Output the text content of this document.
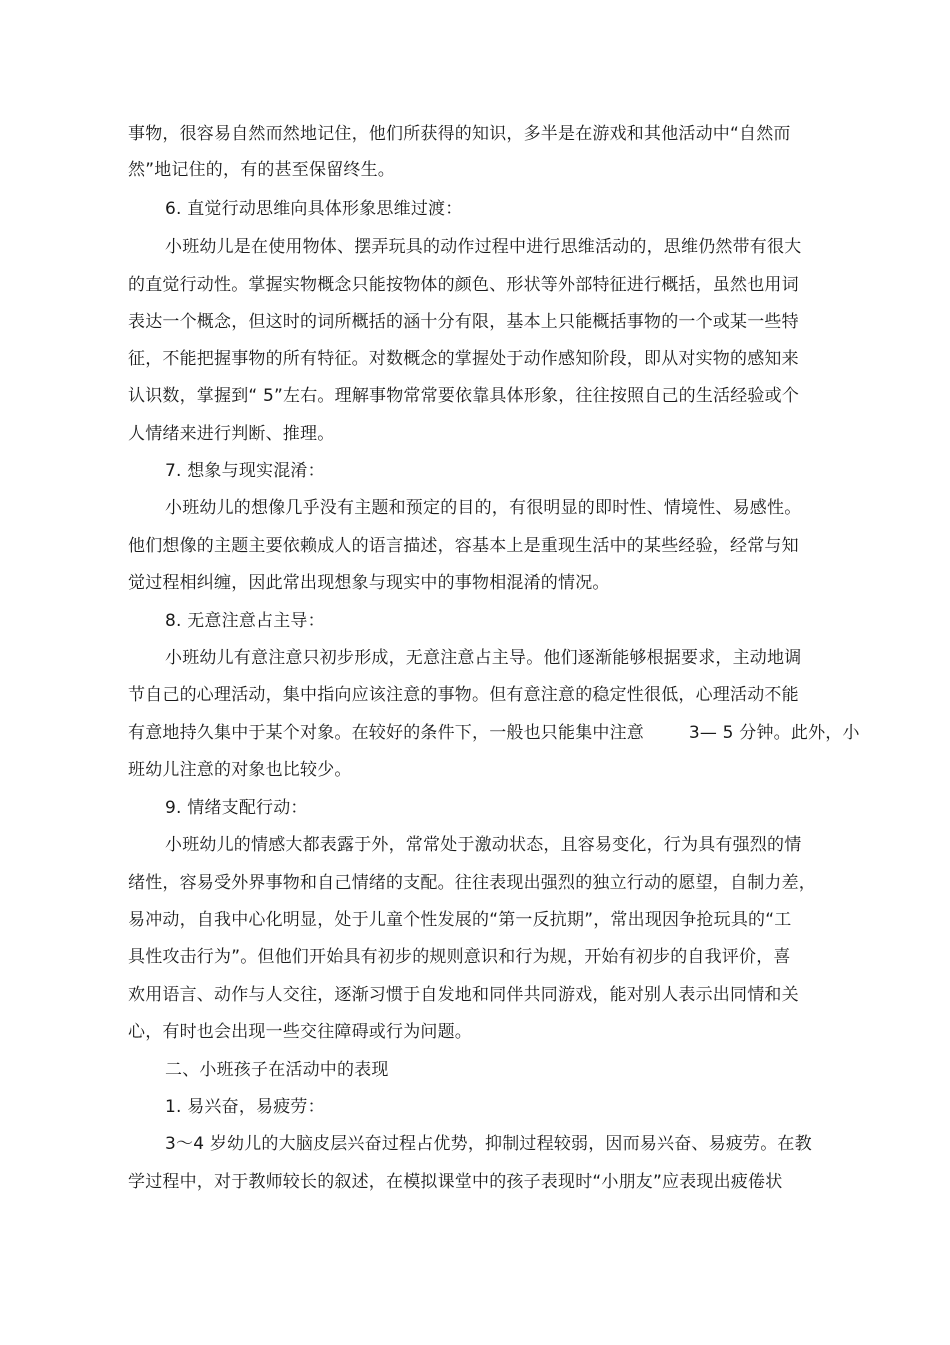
事物，很容易自然而然地记住，他们所获得的知识，多半是在游戏和其他活动中“自然而
然”地记住的，有的甚至保留终生。
6. 直觉行动思维向具体形象思维过渡：
小班幼儿是在使用物体、摆弄玩具的动作过程中进行思维活动的，思维仍然带有很大
的直觉行动性。掌握实物概念只能按物体的颜色、形状等外部特征进行概括，虽然也用词
表达一个概念，但这时的词所概括的涵十分有限，基本上只能概括事物的一个或某一些特
征，不能把握事物的所有特征。对数概念的掌握处于动作感知阶段，即从对实物的感知来
认识数，掌握到“ 5”左右。理解事物常常要依靠具体形象，往往按照自己的生活经验或个
人情绪来进行判断、推理。
7. 想象与现实混淆：
小班幼儿的想像几乎没有主题和预定的目的，有很明显的即时性、情境性、易感性。
他们想像的主题主要依赖成人的语言描述，容基本上是重现生活中的某些经验，经常与知
觉过程相纠缠，因此常出现想象与现实中的事物相混淆的情况。
8. 无意注意占主导：
小班幼儿有意注意只初步形成，无意注意占主导。他们逐渐能够根据要求，主动地调
节自己的心理活动，集中指向应该注意的事物。但有意注意的稳定性很低，心理活动不能
有意地持久集中于某个对象。在较好的条件下，一般也只能集中注意        3— 5 分钟。此外，小
班幼儿注意的对象也比较少。
9. 情绪支配行动：
小班幼儿的情感大都表露于外，常常处于激动状态，且容易变化，行为具有强烈的情
绪性，容易受外界事物和自己情绪的支配。往往表现出强烈的独立行动的愿望，自制力差，
易冲动，自我中心化明显，处于儿童个性发展的“第一反抗期”，常出现因争抢玩具的“工
具性攻击行为”。但他们开始具有初步的规则意识和行为规，开始有初步的自我评价，喜
欢用语言、动作与人交往，逐渐习惯于自发地和同伴共同游戏，能对别人表示出同情和关
心，有时也会出现一些交往障碍或行为问题。
二、小班孩子在活动中的表现
1. 易兴奋，易疲劳：
3～4 岁幼儿的大脑皮层兴奋过程占优势，抑制过程较弱，因而易兴奋、易疲劳。在教
学过程中，对于教师较长的叙述，在模拟课堂中的孩子表现时“小朋友”应表现出疲倦状
